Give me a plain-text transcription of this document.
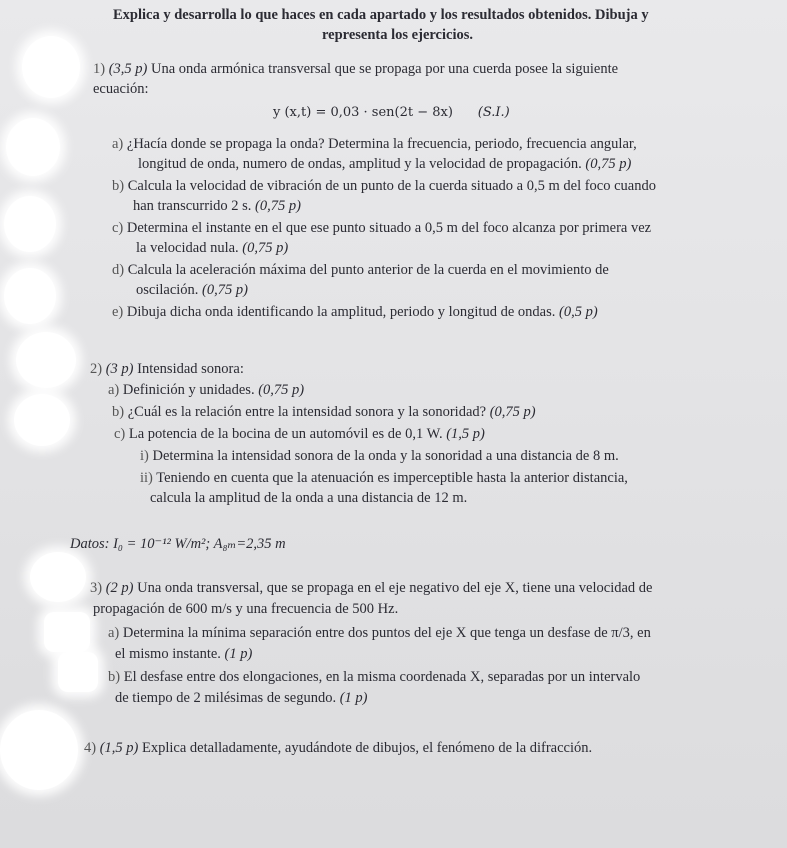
Explica y desarrolla lo que haces en cada apartado y los resultados obtenidos. Dibuja y
representa los ejercicios.
1) (3,5 p) Una onda armónica transversal que se propaga por una cuerda posee la siguiente
ecuación:
y (x,t) = 0,03 · sen(2t − 8x) (S.I.)
a) ¿Hacía donde se propaga la onda? Determina la frecuencia, periodo, frecuencia angular,
longitud de onda, numero de ondas, amplitud y la velocidad de propagación. (0,75 p)
b) Calcula la velocidad de vibración de un punto de la cuerda situado a 0,5 m del foco cuando
han transcurrido 2 s. (0,75 p)
c) Determina el instante en el que ese punto situado a 0,5 m del foco alcanza por primera vez
la velocidad nula. (0,75 p)
d) Calcula la aceleración máxima del punto anterior de la cuerda en el movimiento de
oscilación. (0,75 p)
e) Dibuja dicha onda identificando la amplitud, periodo y longitud de ondas. (0,5 p)
2) (3 p) Intensidad sonora:
a) Definición y unidades. (0,75 p)
b) ¿Cuál es la relación entre la intensidad sonora y la sonoridad? (0,75 p)
c) La potencia de la bocina de un automóvil es de 0,1 W. (1,5 p)
i) Determina la intensidad sonora de la onda y la sonoridad a una distancia de 8 m.
ii) Teniendo en cuenta que la atenuación es imperceptible hasta la anterior distancia,
calcula la amplitud de la onda a una distancia de 12 m.
Datos: I₀ = 10⁻¹² W/m²; A₈ₘ=2,35 m
3) (2 p) Una onda transversal, que se propaga en el eje negativo del eje X, tiene una velocidad de
propagación de 600 m/s y una frecuencia de 500 Hz.
a) Determina la mínima separación entre dos puntos del eje X que tenga un desfase de π/3, en
el mismo instante. (1 p)
b) El desfase entre dos elongaciones, en la misma coordenada X, separadas por un intervalo
de tiempo de 2 milésimas de segundo. (1 p)
4) (1,5 p) Explica detalladamente, ayudándote de dibujos, el fenómeno de la difracción.
